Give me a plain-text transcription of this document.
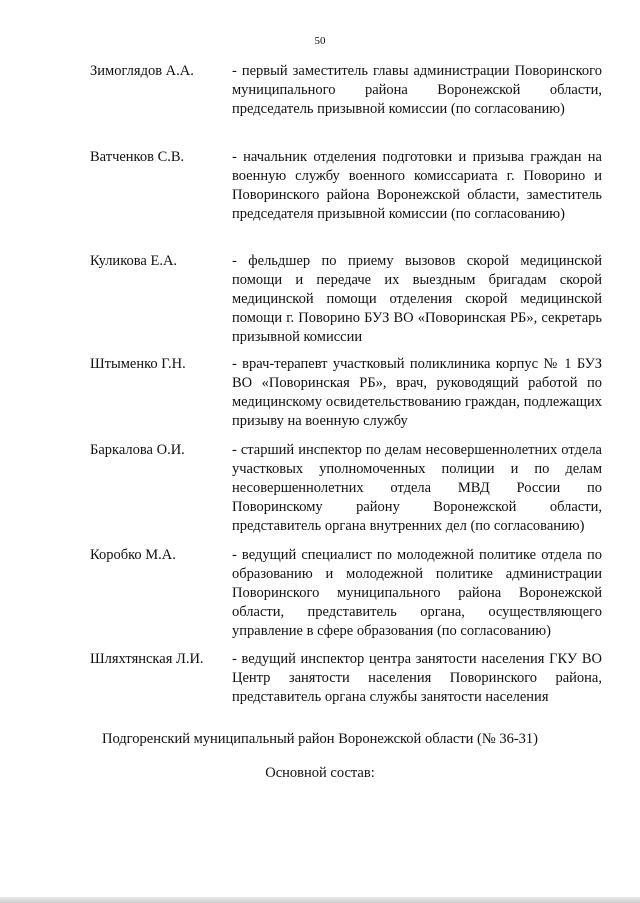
50
Зимоглядов А.А.	- первый заместитель главы администрации Поворинского муниципального района Воронежской области, председатель призывной комиссии (по согласованию)
Ватченков С.В.	- начальник отделения подготовки и призыва граждан на военную службу военного комиссариата г. Поворино и Поворинского района Воронежской области, заместитель председателя призывной комиссии (по согласованию)
Куликова Е.А.	- фельдшер по приему вызовов скорой медицинской помощи и передаче их выездным бригадам скорой медицинской помощи отделения скорой медицинской помощи г. Поворино БУЗ ВО «Поворинская РБ», секретарь призывной комиссии
Штыменко Г.Н.	- врач-терапевт участковый поликлиника корпус № 1 БУЗ ВО «Поворинская РБ», врач, руководящий работой по медицинскому освидетельствованию граждан, подлежащих призыву на военную службу
Баркалова О.И.	- старший инспектор по делам несовершеннолетних отдела участковых уполномоченных полиции и по делам несовершеннолетних отдела МВД России по Поворинскому району Воронежской области, представитель органа внутренних дел (по согласованию)
Коробко М.А.	- ведущий специалист по молодежной политике отдела по образованию и молодежной политике администрации Поворинского муниципального района Воронежской области, представитель органа, осуществляющего управление в сфере образования (по согласованию)
Шляхтянская Л.И. - ведущий инспектор центра занятости населения ГКУ ВО Центр занятости населения Поворинского района, представитель органа службы занятости населения
Подгоренский муниципальный район Воронежской области (№ 36-31)
Основной состав:
